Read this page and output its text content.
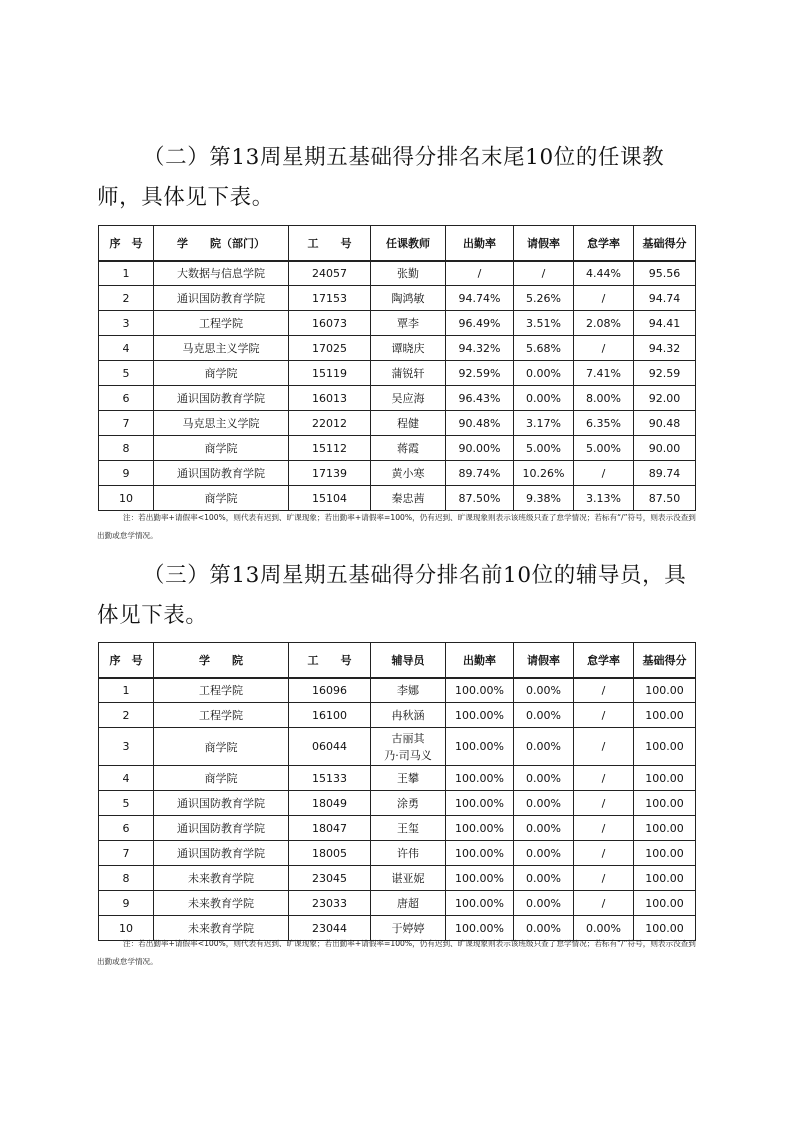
（二）第13周星期五基础得分排名末尾10位的任课教师，具体见下表。

序　号	学　　院（部门）	工　　号	任课教师	出勤率	请假率	怠学率	基础得分
1	大数据与信息学院	24057	张勤	/	/	4.44%	95.56
2	通识国防教育学院	17153	陶鸿敏	94.74%	5.26%	/	94.74
3	工程学院	16073	覃李	96.49%	3.51%	2.08%	94.41
4	马克思主义学院	17025	谭晓庆	94.32%	5.68%	/	94.32
5	商学院	15119	蒲锐轩	92.59%	0.00%	7.41%	92.59
6	通识国防教育学院	16013	吴应海	96.43%	0.00%	8.00%	92.00
7	马克思主义学院	22012	程健	90.48%	3.17%	6.35%	90.48
8	商学院	15112	蒋霞	90.00%	5.00%	5.00%	90.00
9	通识国防教育学院	17139	黄小寒	89.74%	10.26%	/	89.74
10	商学院	15104	秦忠茜	87.50%	9.38%	3.13%	87.50

注：若出勤率+请假率<100%，则代表有迟到、旷课现象；若出勤率+请假率=100%，仍有迟到、旷课现象则表示该班级只查了怠学情况；若标有“/”符号，则表示没查到出勤或怠学情况。

（三）第13周星期五基础得分排名前10位的辅导员，具体见下表。

序　号	学　　院	工　　号	辅导员	出勤率	请假率	怠学率	基础得分
1	工程学院	16096	李娜	100.00%	0.00%	/	100.00
2	工程学院	16100	冉秋涵	100.00%	0.00%	/	100.00
3	商学院	06044	古丽其
乃·司马义	100.00%	0.00%	/	100.00
4	商学院	15133	王攀	100.00%	0.00%	/	100.00
5	通识国防教育学院	18049	涂勇	100.00%	0.00%	/	100.00
6	通识国防教育学院	18047	王玺	100.00%	0.00%	/	100.00
7	通识国防教育学院	18005	许伟	100.00%	0.00%	/	100.00
8	未来教育学院	23045	谌亚妮	100.00%	0.00%	/	100.00
9	未来教育学院	23033	唐超	100.00%	0.00%	/	100.00
10	未来教育学院	23044	于婷婷	100.00%	0.00%	0.00%	100.00

注：若出勤率+请假率<100%，则代表有迟到、旷课现象；若出勤率+请假率=100%，仍有迟到、旷课现象则表示该班级只查了怠学情况；若标有“/”符号，则表示没查到出勤或怠学情况。
